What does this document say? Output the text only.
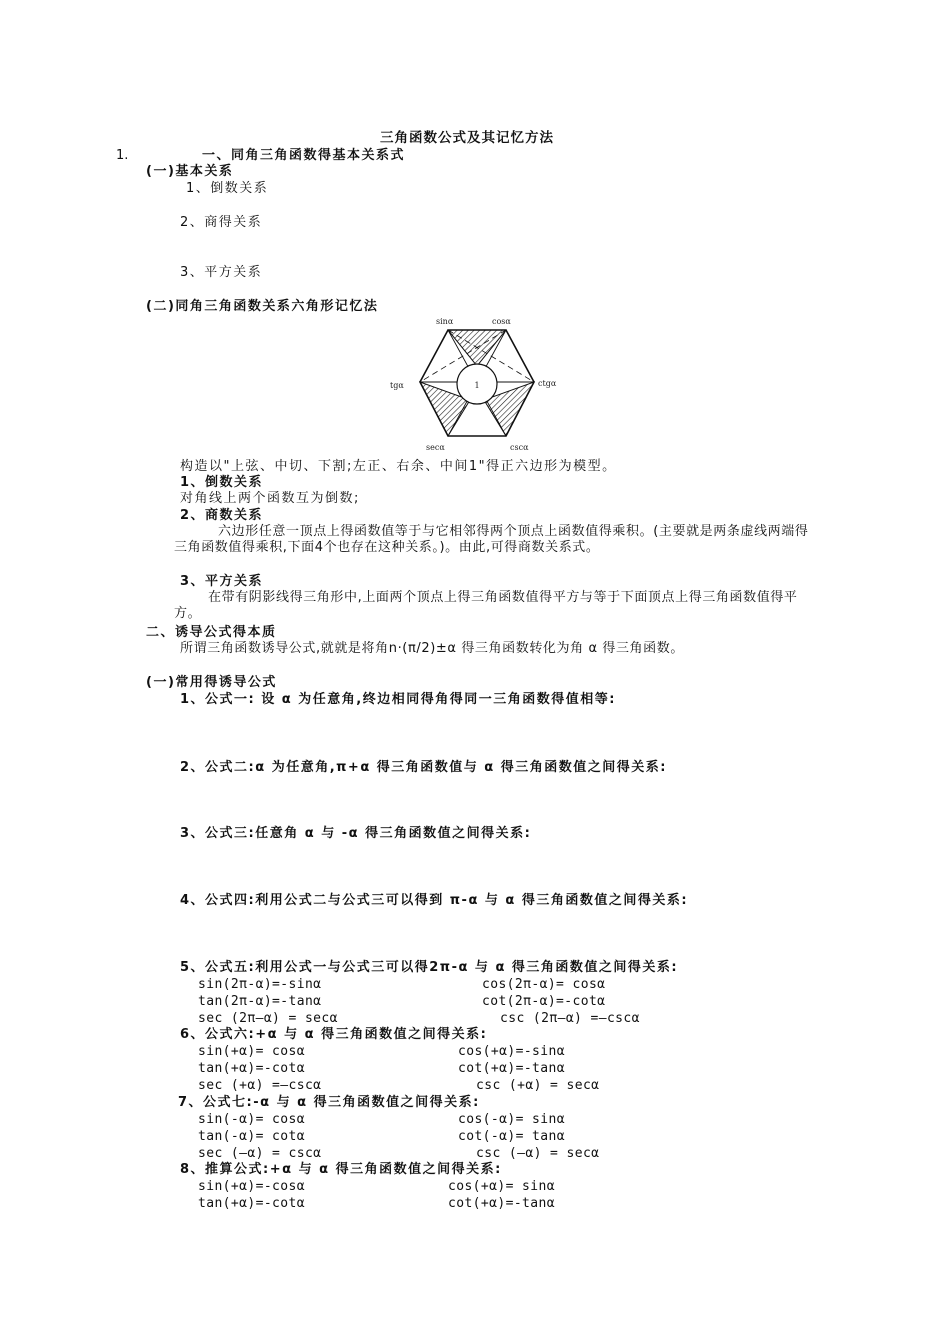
三角函数公式及其记忆方法
1.	一、同角三角函数得基本关系式
(一)基本关系
1、倒数关系
2、商得关系
3、平方关系
(二)同角三角函数关系六角形记忆法
1
sinα	cosα
tgα	ctgα
secα	cscα
构造以"上弦、中切、下割;左正、右余、中间1"得正六边形为模型。
1、倒数关系
对角线上两个函数互为倒数;
2、商数关系
六边形任意一顶点上得函数值等于与它相邻得两个顶点上函数值得乘积。(主要就是两条虚线两端得三角函数值得乘积,下面4个也存在这种关系。)。由此,可得商数关系式。
3、平方关系
在带有阴影线得三角形中,上面两个顶点上得三角函数值得平方与等于下面顶点上得三角函数值得平方。
二、诱导公式得本质
所谓三角函数诱导公式,就就是将角n·(π/2)±α 得三角函数转化为角 α 得三角函数。
(一)常用得诱导公式
1、公式一: 设 α 为任意角,终边相同得角得同一三角函数得值相等:
2、公式二:α 为任意角,π+α 得三角函数值与 α 得三角函数值之间得关系:
3、公式三:任意角 α 与 -α 得三角函数值之间得关系:
4、公式四:利用公式二与公式三可以得到 π-α 与 α 得三角函数值之间得关系:
5、公式五:利用公式一与公式三可以得2π-α 与 α 得三角函数值之间得关系:
sin(2π-α)=-sinα	cos(2π-α)= cosα
tan(2π-α)=-tanα	cot(2π-α)=-cotα
sec (2π—α) = secα	csc (2π—α) =—cscα
6、公式六:+α 与 α 得三角函数值之间得关系:
sin(+α)= cosα	cos(+α)=-sinα
tan(+α)=-cotα	cot(+α)=-tanα
sec (+α) =—cscα	csc (+α) = secα
7、公式七:-α 与 α 得三角函数值之间得关系:
sin(-α)= cosα	cos(-α)= sinα
tan(-α)= cotα	cot(-α)= tanα
sec (—α) = cscα	csc (—α) = secα
8、推算公式:+α 与 α 得三角函数值之间得关系:
sin(+α)=-cosα	cos(+α)= sinα
tan(+α)=-cotα	cot(+α)=-tanα
